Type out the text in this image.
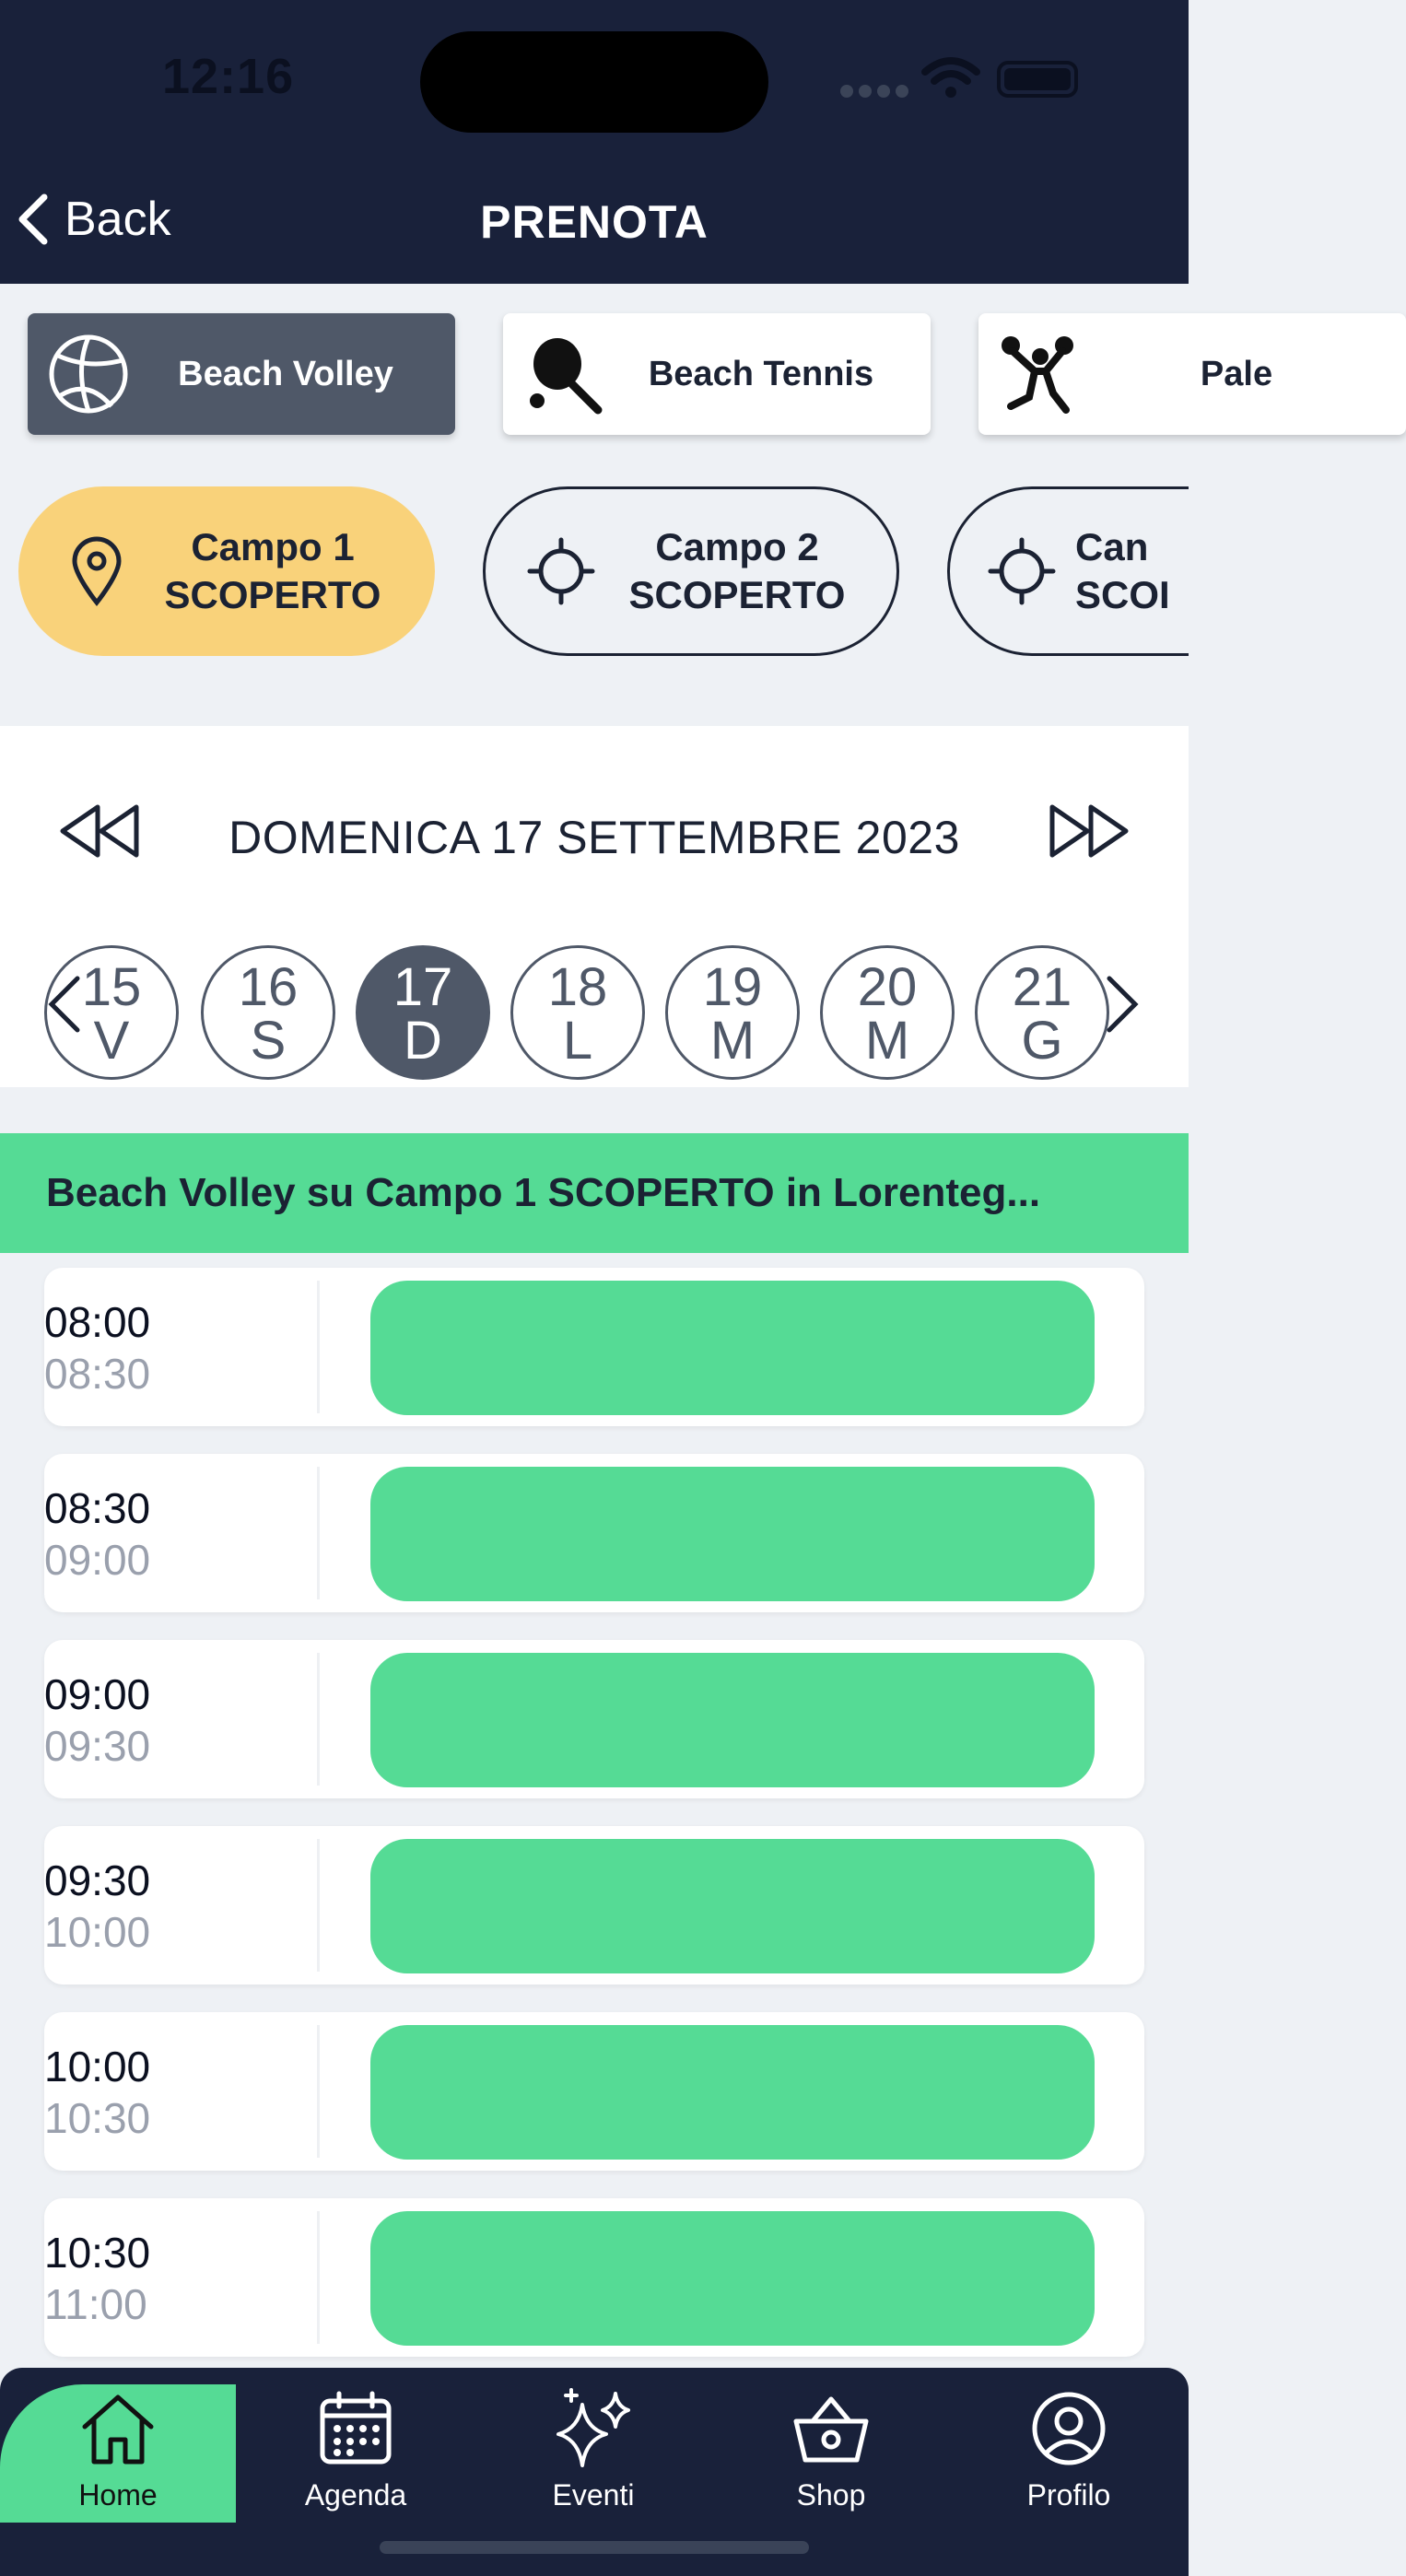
12:16
Back	PRENOTA
Beach Volley	Beach Tennis	Pale
Campo 1
SCOPERTO
Campo 2
SCOPERTO
Can
SCOI
DOMENICA 17 SETTEMBRE 2023
15
V
16
S
17
D
18
L
19
M
20
M
21
G
Beach Volley su Campo 1 SCOPERTO in Lorenteg...
08:00
08:30
08:30
09:00
09:00
09:30
09:30
10:00
10:00
10:30
10:30
11:00
Home	Agenda	Eventi	Shop	Profilo
